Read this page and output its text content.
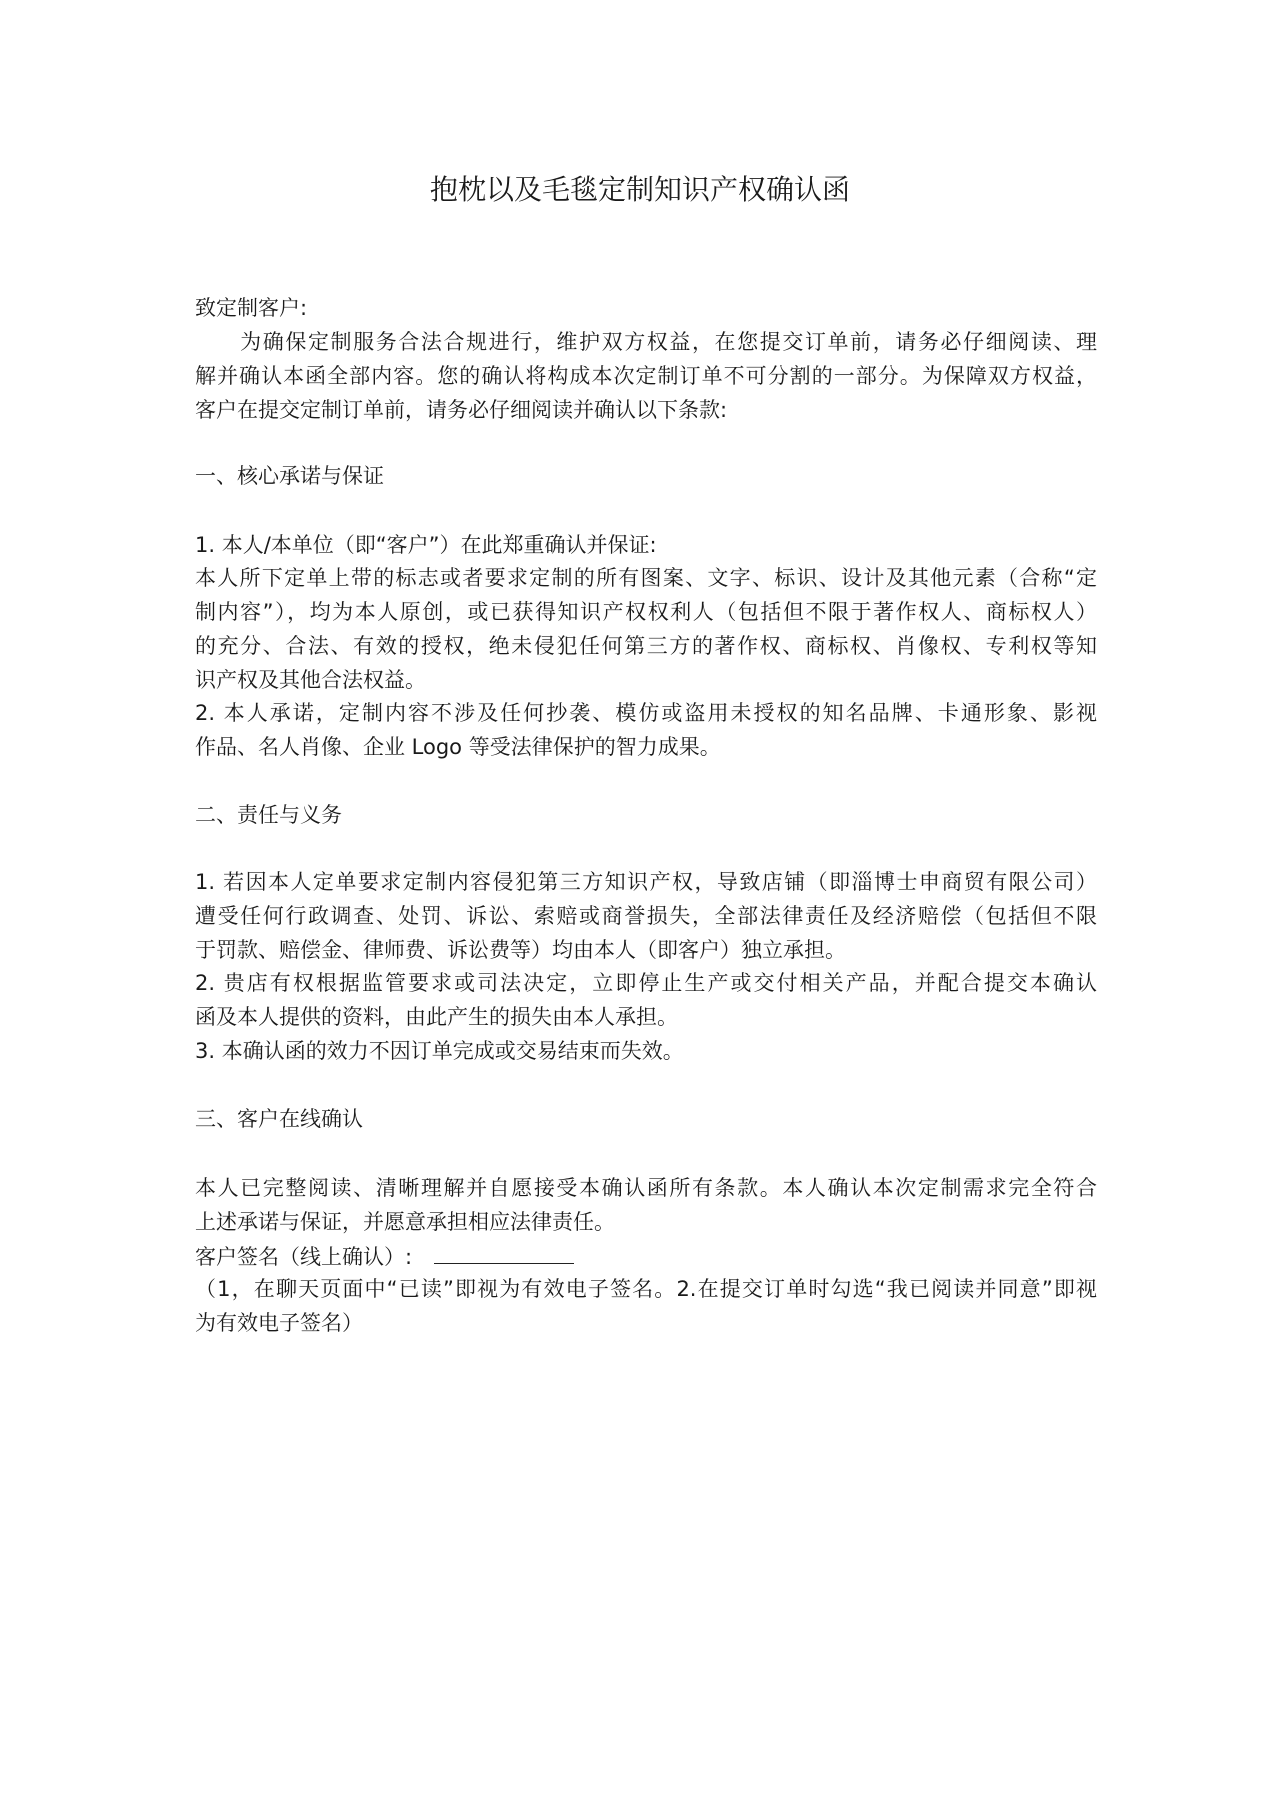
抱枕以及毛毯定制知识产权确认函
致定制客户:
　　为确保定制服务合法合规进行，维护双方权益，在您提交订单前，请务必仔细阅读、理
解并确认本函全部内容。您的确认将构成本次定制订单不可分割的一部分。为保障双方权益，
客户在提交定制订单前，请务必仔细阅读并确认以下条款:
一、核心承诺与保证
1. 本人/本单位（即“客户”）在此郑重确认并保证:
本人所下定单上带的标志或者要求定制的所有图案、文字、标识、设计及其他元素（合称“定
制内容”），均为本人原创，或已获得知识产权权利人（包括但不限于著作权人、商标权人）
的充分、合法、有效的授权，绝未侵犯任何第三方的著作权、商标权、肖像权、专利权等知
识产权及其他合法权益。
2. 本人承诺，定制内容不涉及任何抄袭、模仿或盗用未授权的知名品牌、卡通形象、影视
作品、名人肖像、企业 Logo 等受法律保护的智力成果。
二、责任与义务
1. 若因本人定单要求定制内容侵犯第三方知识产权，导致店铺（即淄博士申商贸有限公司）
遭受任何行政调查、处罚、诉讼、索赔或商誉损失，全部法律责任及经济赔偿（包括但不限
于罚款、赔偿金、律师费、诉讼费等）均由本人（即客户）独立承担。
2. 贵店有权根据监管要求或司法决定，立即停止生产或交付相关产品，并配合提交本确认
函及本人提供的资料，由此产生的损失由本人承担。
3. 本确认函的效力不因订单完成或交易结束而失效。
三、客户在线确认
本人已完整阅读、清晰理解并自愿接受本确认函所有条款。本人确认本次定制需求完全符合
上述承诺与保证，并愿意承担相应法律责任。
客户签名（线上确认）:
（1，在聊天页面中“已读”即视为有效电子签名。2.在提交订单时勾选“我已阅读并同意”即视
为有效电子签名）
